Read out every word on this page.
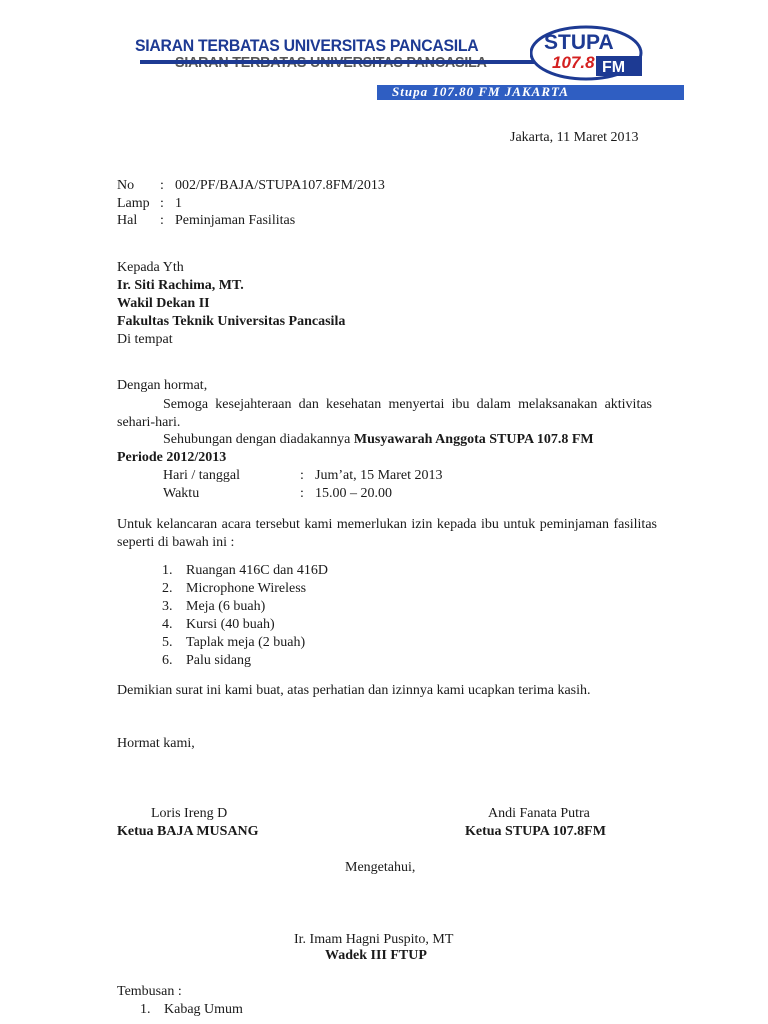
SIARAN TERBATAS UNIVERSITAS PANCASILA	STUPA
107.8 FM
Stupa 107.80 FM JAKARTA
Jakarta, 11 Maret 2013
No : 002/PF/BAJA/STUPA107.8FM/2013
Lamp : 1
Hal : Peminjaman Fasilitas
Kepada Yth
Ir. Siti Rachima, MT.
Wakil Dekan II
Fakultas Teknik Universitas Pancasila
Di tempat
Dengan hormat,
Semoga kesejahteraan dan kesehatan menyertai ibu dalam melaksanakan aktivitas sehari-hari.
Sehubungan dengan diadakannya Musyawarah Anggota STUPA 107.8 FM
Periode 2012/2013
Hari / tanggal	: Jum’at, 15 Maret 2013
Waktu	: 15.00 – 20.00
Untuk kelancaran acara tersebut kami memerlukan izin kepada ibu untuk peminjaman fasilitas seperti di bawah ini :
1. Ruangan 416C dan 416D
2. Microphone Wireless
3. Meja (6 buah)
4. Kursi (40 buah)
5. Taplak meja (2 buah)
6. Palu sidang
Demikian surat ini kami buat, atas perhatian dan izinnya kami ucapkan terima kasih.
Hormat kami,
Loris Ireng D
Ketua BAJA MUSANG
Andi Fanata Putra
Ketua STUPA 107.8FM
Mengetahui,
Ir. Imam Hagni Puspito, MT
Wadek III FTUP
Tembusan :
1. Kabag Umum
